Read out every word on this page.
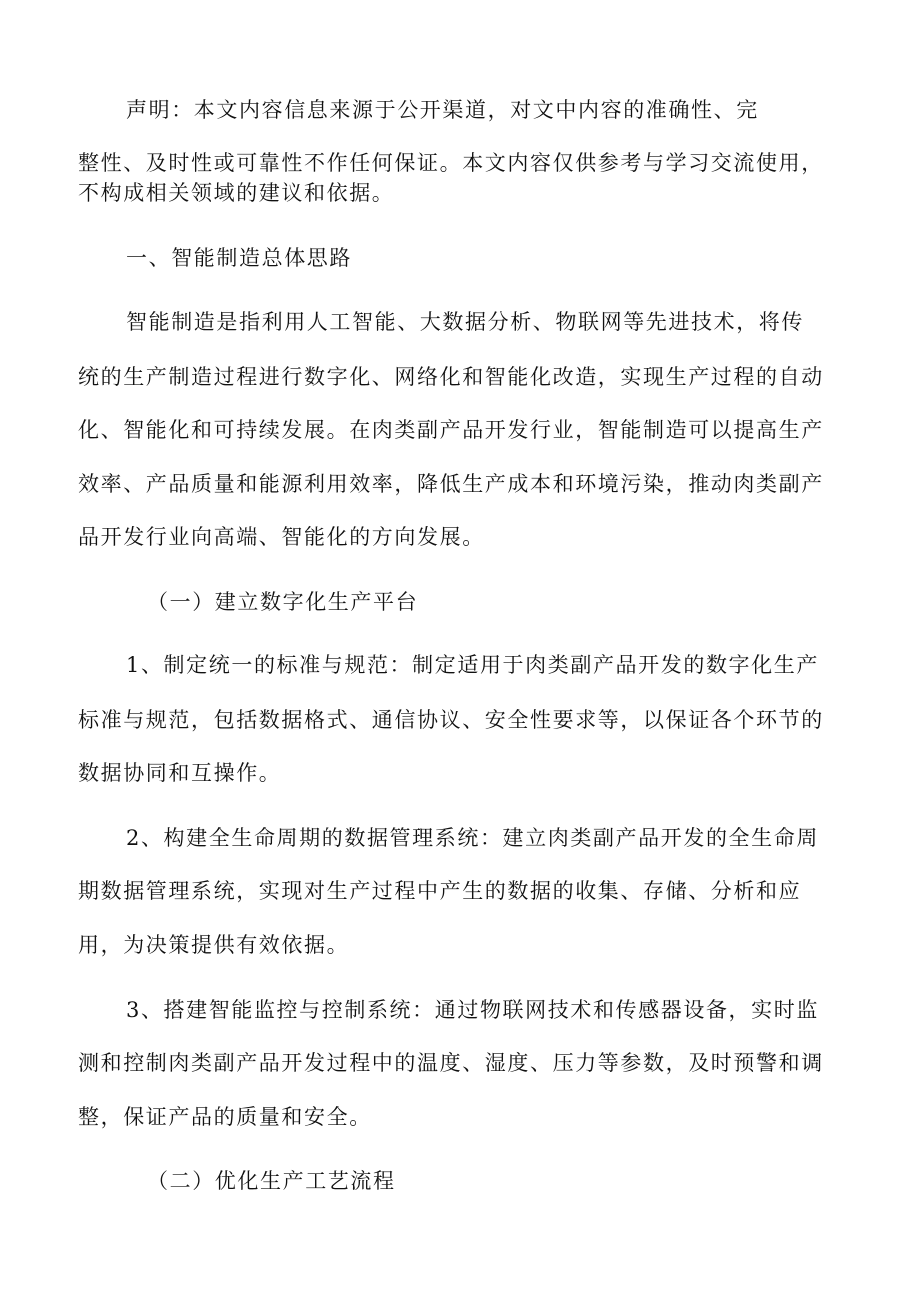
声明：本文内容信息来源于公开渠道，对文中内容的准确性、完

整性、及时性或可靠性不作任何保证。本文内容仅供参考与学习交流使用，

不构成相关领域的建议和依据。

一、智能制造总体思路

智能制造是指利用人工智能、大数据分析、物联网等先进技术，将传

统的生产制造过程进行数字化、网络化和智能化改造，实现生产过程的自动

化、智能化和可持续发展。在肉类副产品开发行业，智能制造可以提高生产

效率、产品质量和能源利用效率，降低生产成本和环境污染，推动肉类副产

品开发行业向高端、智能化的方向发展。

（一）建立数字化生产平台

1、制定统一的标准与规范：制定适用于肉类副产品开发的数字化生产

标准与规范，包括数据格式、通信协议、安全性要求等，以保证各个环节的

数据协同和互操作。

2、构建全生命周期的数据管理系统：建立肉类副产品开发的全生命周

期数据管理系统，实现对生产过程中产生的数据的收集、存储、分析和应

用，为决策提供有效依据。

3、搭建智能监控与控制系统：通过物联网技术和传感器设备，实时监

测和控制肉类副产品开发过程中的温度、湿度、压力等参数，及时预警和调

整，保证产品的质量和安全。

（二）优化生产工艺流程
